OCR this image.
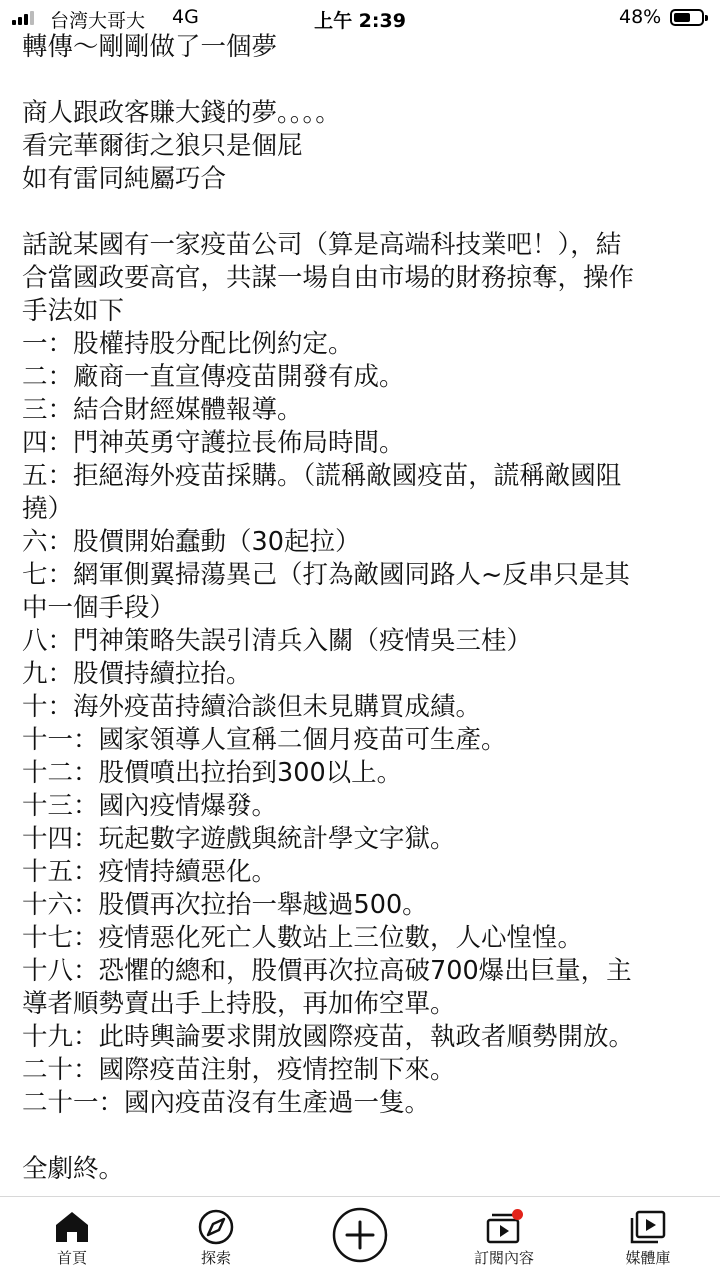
台湾大哥大 4G	上午 2:39	48%
轉傳～剛剛做了一個夢
商人跟政客賺大錢的夢。。。。
看完華爾街之狼只是個屁
如有雷同純屬巧合
話說某國有一家疫苗公司（算是高端科技業吧！），結
合當國政要高官，共謀一場自由市場的財務掠奪，操作
手法如下
一：股權持股分配比例約定。
二：廠商一直宣傳疫苗開發有成。
三：結合財經媒體報導。
四：門神英勇守護拉長佈局時間。
五：拒絕海外疫苗採購。（謊稱敵國疫苗，謊稱敵國阻
撓）
六：股價開始蠢動（30起拉）
七：網軍側翼掃蕩異己（打為敵國同路人~反串只是其
中一個手段）
八：門神策略失誤引清兵入關（疫情吳三桂）
九：股價持續拉抬。
十：海外疫苗持續洽談但未見購買成績。
十一：國家領導人宣稱二個月疫苗可生產。
十二：股價噴出拉抬到300以上。
十三：國內疫情爆發。
十四：玩起數字遊戲與統計學文字獄。
十五：疫情持續惡化。
十六：股價再次拉抬一舉越過500。
十七：疫情惡化死亡人數站上三位數，人心惶惶。
十八：恐懼的總和，股價再次拉高破700爆出巨量，主
導者順勢賣出手上持股，再加佈空單。
十九：此時輿論要求開放國際疫苗，執政者順勢開放。
二十：國際疫苗注射，疫情控制下來。
二十一：國內疫苗沒有生產過一隻。
全劇終。
首頁	探索	訂閱內容	媒體庫
